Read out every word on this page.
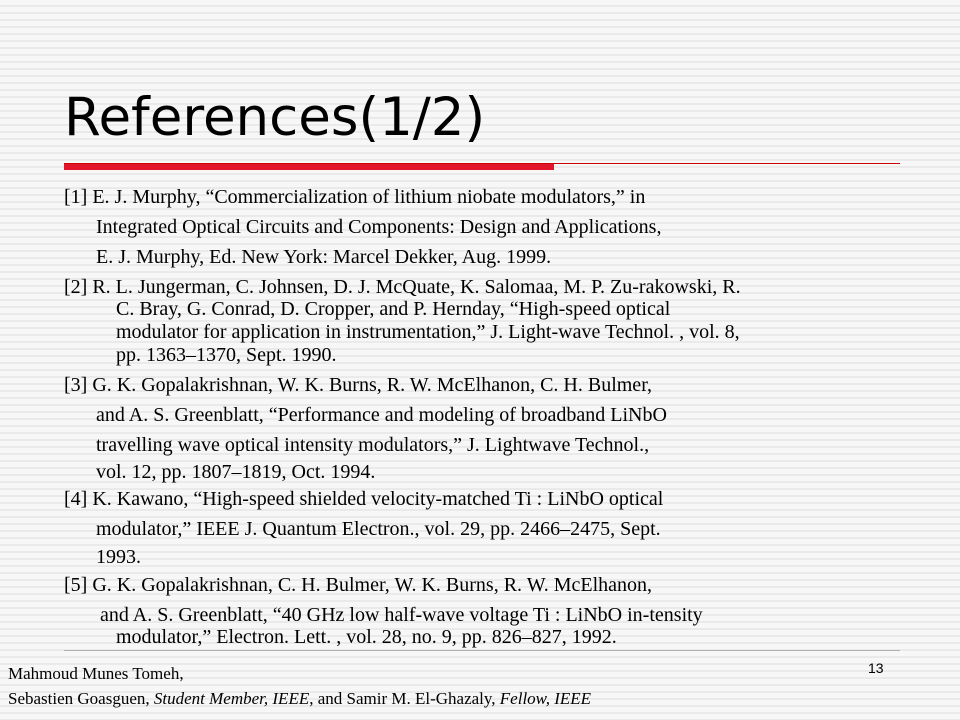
References(1/2)
[1] E. J. Murphy, “Commercialization of lithium niobate modulators,” in
Integrated Optical Circuits and Components: Design and Applications,
E. J. Murphy, Ed. New York: Marcel Dekker, Aug. 1999.
[2] R. L. Jungerman, C. Johnsen, D. J. McQuate, K. Salomaa, M. P. Zu-rakowski, R.
C. Bray, G. Conrad, D. Cropper, and P. Hernday, “High-speed optical
modulator for application in instrumentation,” J. Light-wave Technol. , vol. 8,
pp. 1363–1370, Sept. 1990.
[3] G. K. Gopalakrishnan, W. K. Burns, R. W. McElhanon, C. H. Bulmer,
and A. S. Greenblatt, “Performance and modeling of broadband LiNbO
travelling wave optical intensity modulators,” J. Lightwave Technol.,
vol. 12, pp. 1807–1819, Oct. 1994.
[4] K. Kawano, “High-speed shielded velocity-matched Ti : LiNbO optical
modulator,” IEEE J. Quantum Electron., vol. 29, pp. 2466–2475, Sept.
1993.
[5] G. K. Gopalakrishnan, C. H. Bulmer, W. K. Burns, R. W. McElhanon,
and A. S. Greenblatt, “40 GHz low half-wave voltage Ti : LiNbO in-tensity
modulator,” Electron. Lett. , vol. 28, no. 9, pp. 826–827, 1992.
Mahmoud Munes Tomeh,
Sebastien Goasguen, Student Member, IEEE, and Samir M. El-Ghazaly, Fellow, IEEE
13
